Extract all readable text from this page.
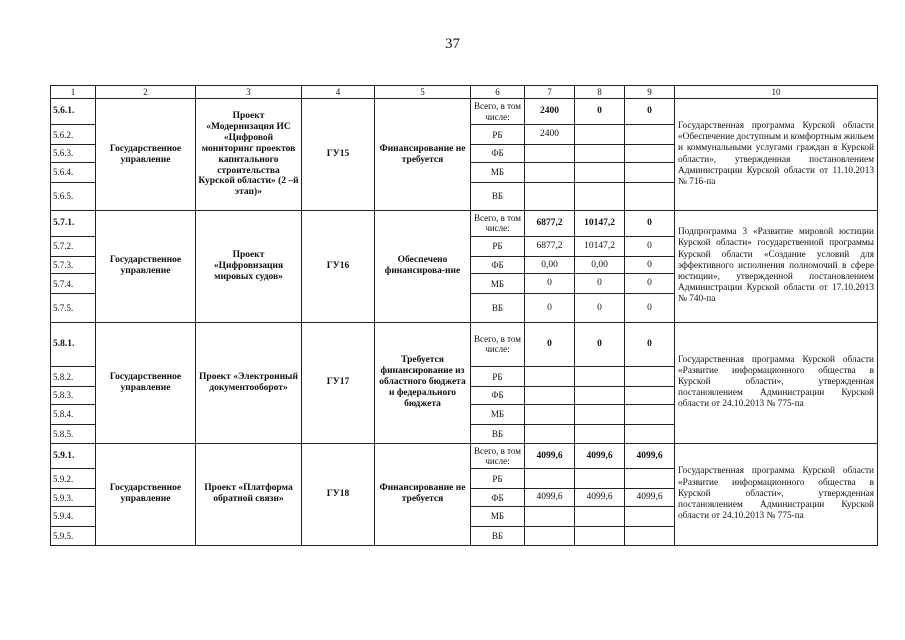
37
1	2	3	4	5	6	7	8	9	10
5.6.1.	Государственное управление	Проект «Модернизация ИС «Цифровой мониторинг проектов капитального строительства Курской области» (2 –й этап)»	ГУ15	Финансирование не требуется	Всего, в том числе:	2400	0	0	Государственная программа Курской области «Обеспечение доступным и комфортным жильем и коммунальными услугами граждан в Курской области», утвержденная постановлением Администрации Курской области от 11.10.2013 № 716-па
5.6.2.					РБ	2400			
5.6.3.					ФБ				
5.6.4.					МБ				
5.6.5.					ВБ				
5.7.1.	Государственное управление	Проект «Цифровизация мировых судов»	ГУ16	Обеспечено финансирова-ние	Всего, в том числе:	6877,2	10147,2	0	Подпрограмма 3 «Развитие мировой юстиции Курской области» государственной программы Курской области «Создание условий для эффективного исполнения полномочий в сфере юстиции», утвержденной постановлением Администрации Курской области от 17.10.2013 № 740-па
5.7.2.					РБ	6877,2	10147,2	0	
5.7.3.					ФБ	0,00	0,00	0	
5.7.4.					МБ	0	0	0	
5.7.5.					ВБ	0	0	0	
5.8.1.	Государственное управление	Проект «Электронный документооборот»	ГУ17	Требуется финансирование из областного бюджета и федерального бюджета	Всего, в том числе:	0	0	0	Государственная программа Курской области «Развитие информационного общества в Курской области», утвержденная постановлением Администрации Курской области от 24.10.2013 № 775-па
5.8.2.					РБ				
5.8.3.					ФБ				
5.8.4.					МБ				
5.8.5.					ВБ				
5.9.1.	Государственное управление	Проект «Платформа обратной связи»	ГУ18	Финансирование не требуется	Всего, в том числе:	4099,6	4099,6	4099,6	Государственная программа Курской области «Развитие информационного общества в Курской области», утвержденная постановлением Администрации Курской области от 24.10.2013 № 775-па
5.9.2.					РБ				
5.9.3.					ФБ	4099,6	4099,6	4099,6	
5.9.4.					МБ				
5.9.5.					ВБ				
